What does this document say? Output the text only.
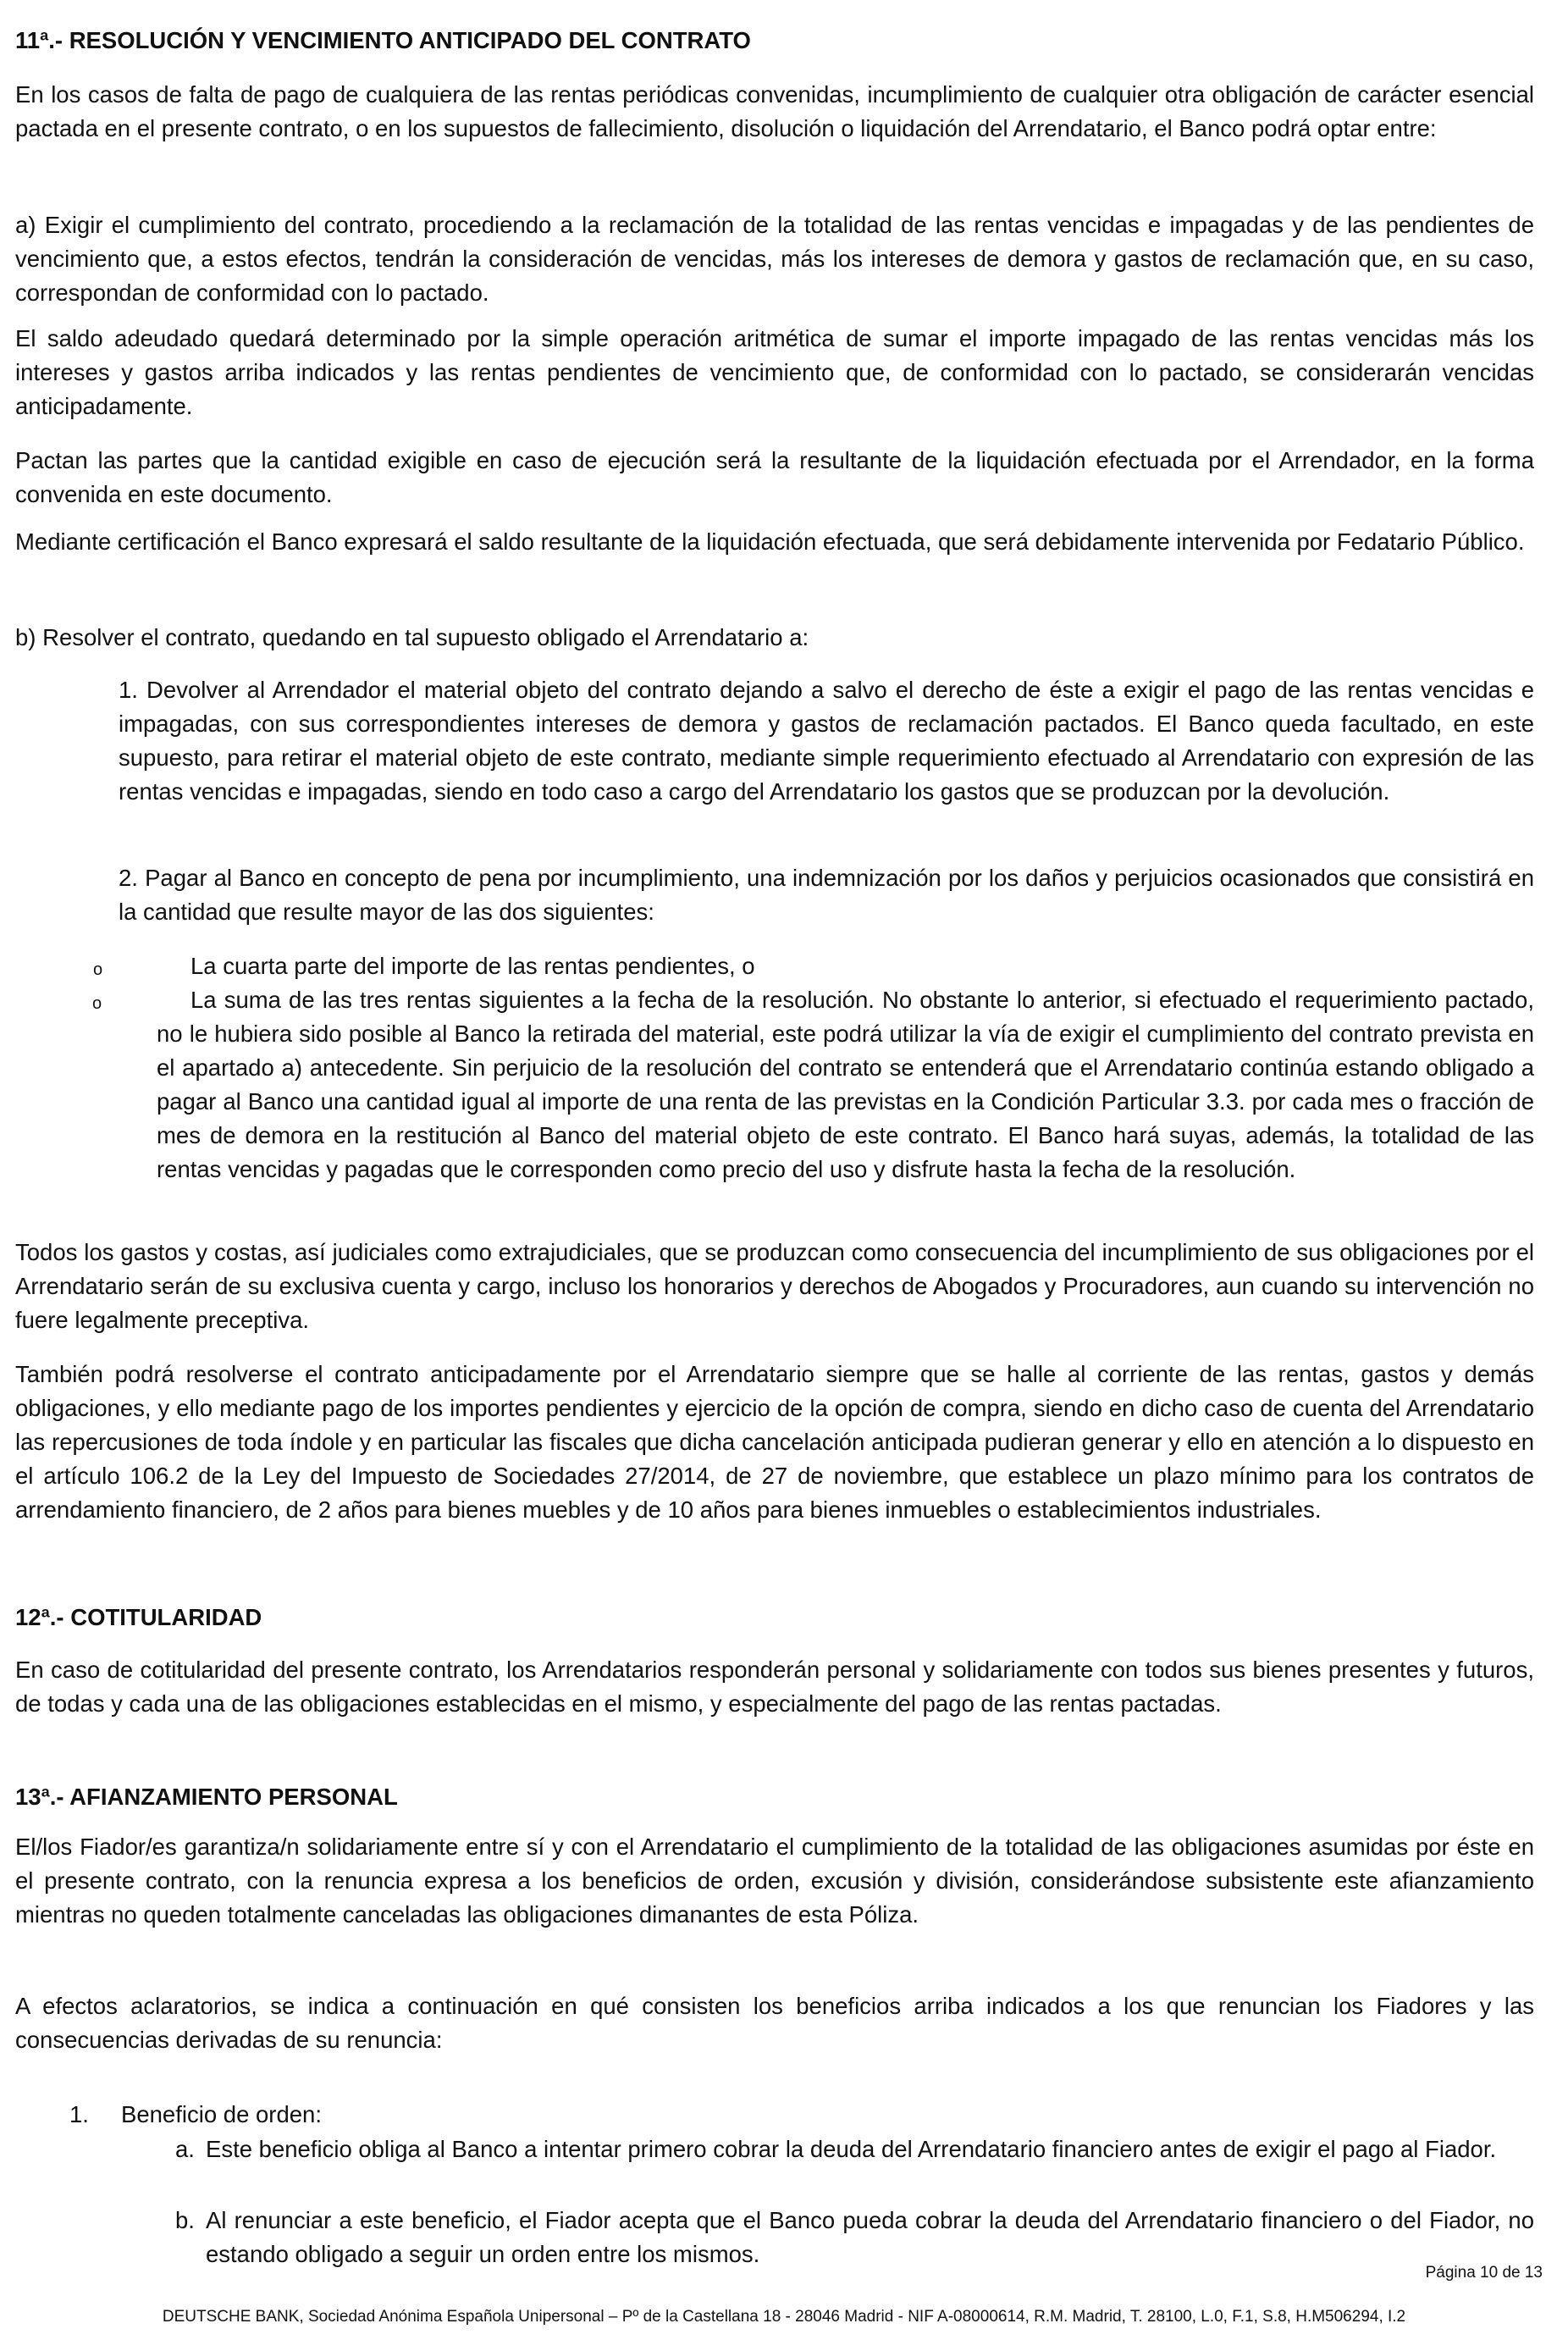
11ª.- RESOLUCIÓN Y VENCIMIENTO ANTICIPADO DEL CONTRATO
En los casos de falta de pago de cualquiera de las rentas periódicas convenidas, incumplimiento de cualquier otra obligación de carácter esencial pactada en el presente contrato, o en los supuestos de fallecimiento, disolución o liquidación del Arrendatario, el Banco podrá optar entre:
a) Exigir el cumplimiento del contrato, procediendo a la reclamación de la totalidad de las rentas vencidas e impagadas y de las pendientes de vencimiento que, a estos efectos, tendrán la consideración de vencidas, más los intereses de demora y gastos de reclamación que, en su caso, correspondan de conformidad con lo pactado.
El saldo adeudado quedará determinado por la simple operación aritmética de sumar el importe impagado de las rentas vencidas más los intereses y gastos arriba indicados y las rentas pendientes de vencimiento que, de conformidad con lo pactado, se considerarán vencidas anticipadamente.
Pactan las partes que la cantidad exigible en caso de ejecución será la resultante de la liquidación efectuada por el Arrendador, en la forma convenida en este documento.
Mediante certificación el Banco expresará el saldo resultante de la liquidación efectuada, que será debidamente intervenida por Fedatario Público.
b) Resolver el contrato, quedando en tal supuesto obligado el Arrendatario a:
1. Devolver al Arrendador el material objeto del contrato dejando a salvo el derecho de éste a exigir el pago de las rentas vencidas e impagadas, con sus correspondientes intereses de demora y gastos de reclamación pactados. El Banco queda facultado, en este supuesto, para retirar el material objeto de este contrato, mediante simple requerimiento efectuado al Arrendatario con expresión de las rentas vencidas e impagadas, siendo en todo caso a cargo del Arrendatario los gastos que se produzcan por la devolución.
2. Pagar al Banco en concepto de pena por incumplimiento, una indemnización por los daños y perjuicios ocasionados que consistirá en la cantidad que resulte mayor de las dos siguientes:
o	La cuarta parte del importe de las rentas pendientes, o
o	La suma de las tres rentas siguientes a la fecha de la resolución. No obstante lo anterior, si efectuado el requerimiento pactado, no le hubiera sido posible al Banco la retirada del material, este podrá utilizar la vía de exigir el cumplimiento del contrato prevista en el apartado a) antecedente. Sin perjuicio de la resolución del contrato se entenderá que el Arrendatario continúa estando obligado a pagar al Banco una cantidad igual al importe de una renta de las previstas en la Condición Particular 3.3. por cada mes o fracción de mes de demora en la restitución al Banco del material objeto de este contrato. El Banco hará suyas, además, la totalidad de las rentas vencidas y pagadas que le corresponden como precio del uso y disfrute hasta la fecha de la resolución.
Todos los gastos y costas, así judiciales como extrajudiciales, que se produzcan como consecuencia del incumplimiento de sus obligaciones por el Arrendatario serán de su exclusiva cuenta y cargo, incluso los honorarios y derechos de Abogados y Procuradores, aun cuando su intervención no fuere legalmente preceptiva.
También podrá resolverse el contrato anticipadamente por el Arrendatario siempre que se halle al corriente de las rentas, gastos y demás obligaciones, y ello mediante pago de los importes pendientes y ejercicio de la opción de compra, siendo en dicho caso de cuenta del Arrendatario las repercusiones de toda índole y en particular las fiscales que dicha cancelación anticipada pudieran generar y ello en atención a lo dispuesto en el artículo 106.2 de la Ley del Impuesto de Sociedades 27/2014, de 27 de noviembre, que establece un plazo mínimo para los contratos de arrendamiento financiero, de 2 años para bienes muebles y de 10 años para bienes inmuebles o establecimientos industriales.
12ª.- COTITULARIDAD
En caso de cotitularidad del presente contrato, los Arrendatarios responderán personal y solidariamente con todos sus bienes presentes y futuros, de todas y cada una de las obligaciones establecidas en el mismo, y especialmente del pago de las rentas pactadas.
13ª.- AFIANZAMIENTO PERSONAL
El/los Fiador/es garantiza/n solidariamente entre sí y con el Arrendatario el cumplimiento de la totalidad de las obligaciones asumidas por éste en el presente contrato, con la renuncia expresa a los beneficios de orden, excusión y división, considerándose subsistente este afianzamiento mientras no queden totalmente canceladas las obligaciones dimanantes de esta Póliza.
A efectos aclaratorios, se indica a continuación en qué consisten los beneficios arriba indicados a los que renuncian los Fiadores y las consecuencias derivadas de su renuncia:
1. Beneficio de orden:
a. Este beneficio obliga al Banco a intentar primero cobrar la deuda del Arrendatario financiero antes de exigir el pago al Fiador.
b. Al renunciar a este beneficio, el Fiador acepta que el Banco pueda cobrar la deuda del Arrendatario financiero o del Fiador, no estando obligado a seguir un orden entre los mismos.
Página 10 de 13
DEUTSCHE BANK, Sociedad Anónima Española Unipersonal – Pº de la Castellana 18 - 28046 Madrid - NIF A-08000614, R.M. Madrid, T. 28100, L.0, F.1, S.8, H.M506294, I.2
